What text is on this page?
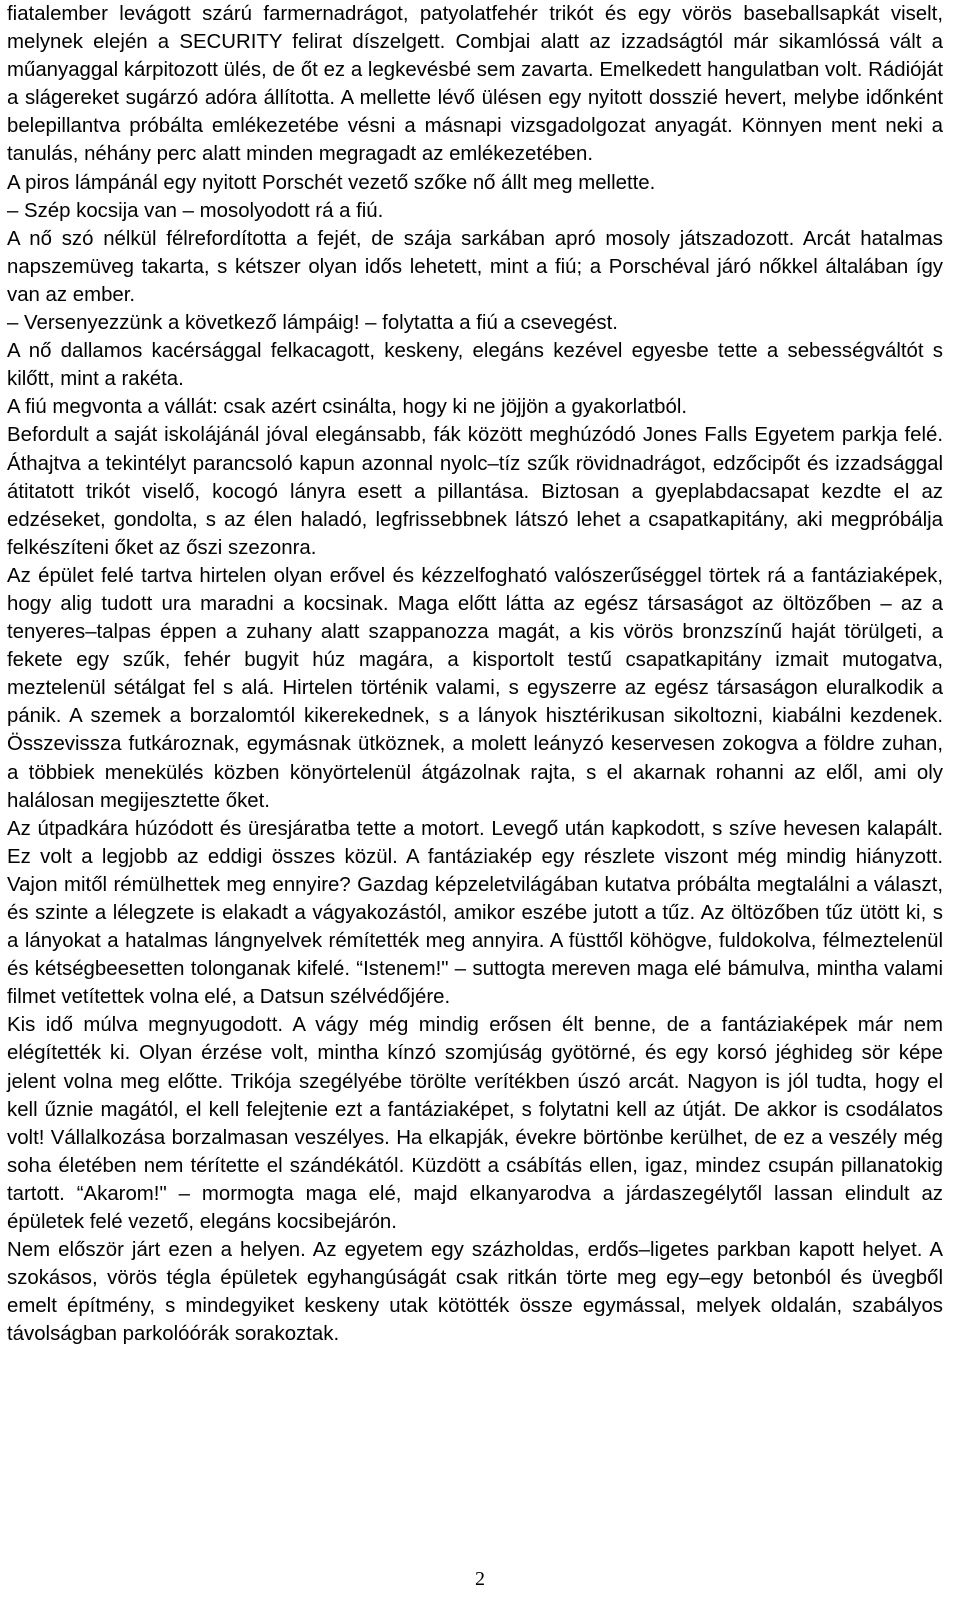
fiatalember levágott szárú farmernadrágot, patyolatfehér trikót és egy vörös baseballsapkát viselt, melynek elején a SECURITY felirat díszelgett. Combjai alatt az izzadságtól már sikamlóssá vált a műanyaggal kárpitozott ülés, de őt ez a legkevésbé sem zavarta. Emelkedett hangulatban volt. Rádióját a slágereket sugárzó adóra állította. A mellette lévő ülésen egy nyitott dosszié hevert, melybe időnként belepillantva próbálta emlékezetébe vésni a másnapi vizsgadolgozat anyagát. Könnyen ment neki a tanulás, néhány perc alatt minden megragadt az emlékezetében.

A piros lámpánál egy nyitott Porschét vezető szőke nő állt meg mellette.

– Szép kocsija van – mosolyodott rá a fiú.

A nő szó nélkül félrefordította a fejét, de szája sarkában apró mosoly játszadozott. Arcát hatalmas napszemüveg takarta, s kétszer olyan idős lehetett, mint a fiú; a Porschéval járó nőkkel általában így van az ember.

– Versenyezzünk a következő lámpáig! – folytatta a fiú a csevegést.

A nő dallamos kacérsággal felkacagott, keskeny, elegáns kezével egyesbe tette a sebességváltót s kilőtt, mint a rakéta.

A fiú megvonta a vállát: csak azért csinálta, hogy ki ne jöjjön a gyakorlatból.

Befordult a saját iskolájánál jóval elegánsabb, fák között meghúzódó Jones Falls Egyetem parkja felé. Áthajtva a tekintélyt parancsoló kapun azonnal nyolc–tíz szűk rövidnadrágot, edzőcipőt és izzadsággal átitatott trikót viselő, kocogó lányra esett a pillantása. Biztosan a gyeplabdacsapat kezdte el az edzéseket, gondolta, s az élen haladó, legfrissebbnek látszó lehet a csapatkapitány, aki megpróbálja felkészíteni őket az őszi szezonra.

Az épület felé tartva hirtelen olyan erővel és kézzelfogható valószerűséggel törtek rá a fantáziaképek, hogy alig tudott ura maradni a kocsinak. Maga előtt látta az egész társaságot az öltözőben – az a tenyeres–talpas éppen a zuhany alatt szappanozza magát, a kis vörös bronzszínű haját törülgeti, a fekete egy szűk, fehér bugyit húz magára, a kisportolt testű csapatkapitány izmait mutogatva, meztelenül sétálgat fel s alá. Hirtelen történik valami, s egyszerre az egész társaságon eluralkodik a pánik. A szemek a borzalomtól kikerekednek, s a lányok hisztérikusan sikoltozni, kiabálni kezdenek. Összevissza futkároznak, egymásnak ütköznek, a molett leányzó keservesen zokogva a földre zuhan, a többiek menekülés közben könyörtelenül átgázolnak rajta, s el akarnak rohanni az elől, ami oly halálosan megijesztette őket.

Az útpadkára húzódott és üresjáratba tette a motort. Levegő után kapkodott, s szíve hevesen kalapált. Ez volt a legjobb az eddigi összes közül. A fantáziakép egy részlete viszont még mindig hiányzott. Vajon mitől rémülhettek meg ennyire? Gazdag képzeletvilágában kutatva próbálta megtalálni a választ, és szinte a lélegzete is elakadt a vágyakozástól, amikor eszébe jutott a tűz. Az öltözőben tűz ütött ki, s a lányokat a hatalmas lángnyelvek rémítették meg annyira. A füsttől köhögve, fuldokolva, félmeztelenül és kétségbeesetten tolonganak kifelé. “Istenem!" – suttogta mereven maga elé bámulva, mintha valami filmet vetítettek volna elé, a Datsun szélvédőjére.

Kis idő múlva megnyugodott. A vágy még mindig erősen élt benne, de a fantáziaképek már nem elégítették ki. Olyan érzése volt, mintha kínzó szomjúság gyötörné, és egy korsó jéghideg sör képe jelent volna meg előtte. Trikója szegélyébe törölte verítékben úszó arcát. Nagyon is jól tudta, hogy el kell űznie magától, el kell felejtenie ezt a fantáziaképet, s folytatni kell az útját. De akkor is csodálatos volt! Vállalkozása borzalmasan veszélyes. Ha elkapják, évekre börtönbe kerülhet, de ez a veszély még soha életében nem térítette el szándékától. Küzdött a csábítás ellen, igaz, mindez csupán pillanatokig tartott. “Akarom!" – mormogta maga elé, majd elkanyarodva a járdaszegélytől lassan elindult az épületek felé vezető, elegáns kocsibejárón.

Nem először járt ezen a helyen. Az egyetem egy százholdas, erdős–ligetes parkban kapott helyet. A szokásos, vörös tégla épületek egyhangúságát csak ritkán törte meg egy–egy betonból és üvegből emelt építmény, s mindegyiket keskeny utak kötötték össze egymással, melyek oldalán, szabályos távolságban parkolóórák sorakoztak.

2
